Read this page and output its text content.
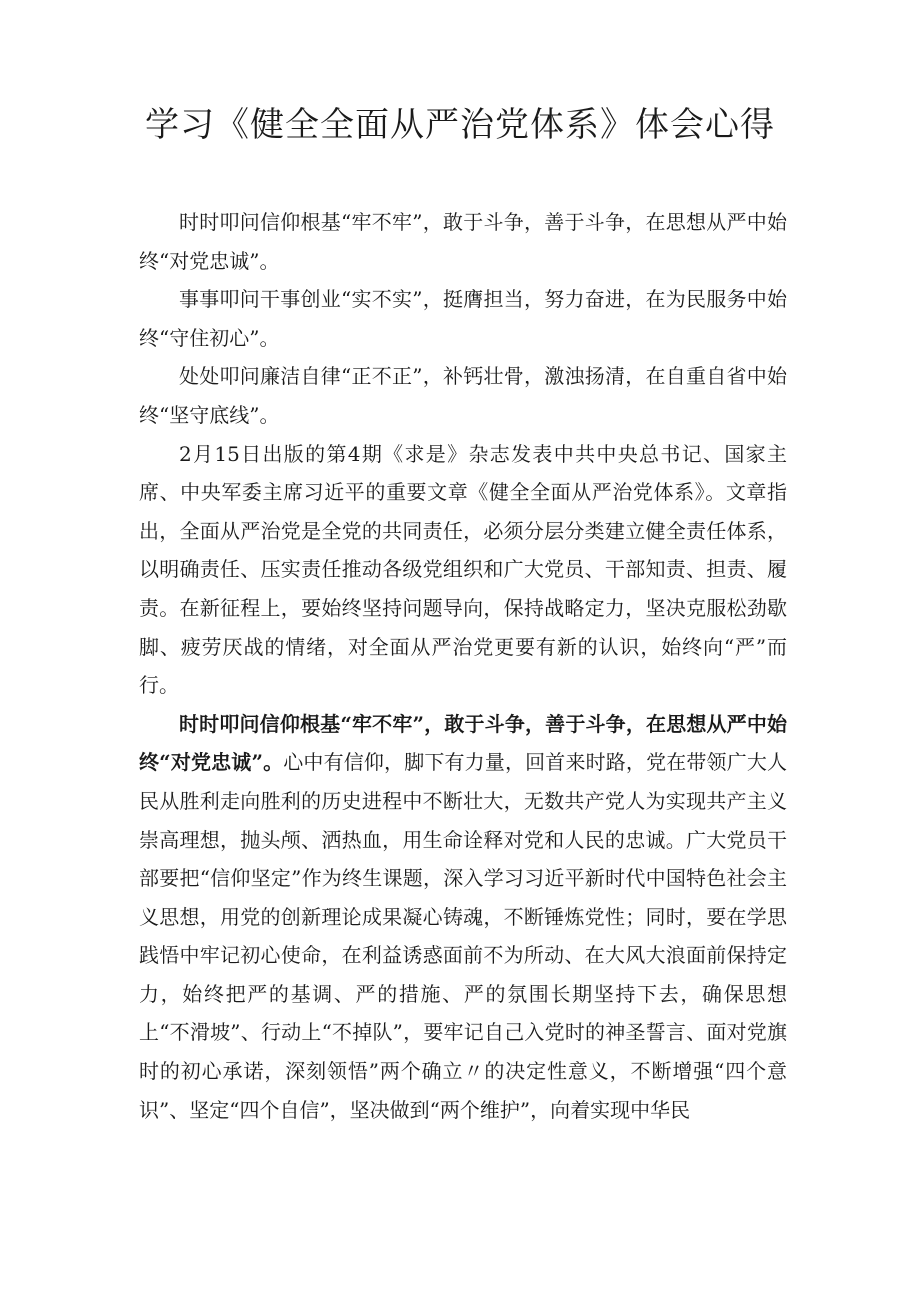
学习《健全全面从严治党体系》体会心得

时时叩问信仰根基“牢不牢”，敢于斗争，善于斗争，在思想从严中始终“对党忠诚”。

事事叩问干事创业“实不实”，挺膺担当，努力奋进，在为民服务中始终“守住初心”。

处处叩问廉洁自律“正不正”，补钙壮骨，激浊扬清，在自重自省中始终“坚守底线”。

2月15日出版的第4期《求是》杂志发表中共中央总书记、国家主席、中央军委主席习近平的重要文章《健全全面从严治党体系》。文章指出，全面从严治党是全党的共同责任，必须分层分类建立健全责任体系，以明确责任、压实责任推动各级党组织和广大党员、干部知责、担责、履责。在新征程上，要始终坚持问题导向，保持战略定力，坚决克服松劲歇脚、疲劳厌战的情绪，对全面从严治党更要有新的认识，始终向“严”而行。

时时叩问信仰根基“牢不牢”，敢于斗争，善于斗争，在思想从严中始终“对党忠诚”。心中有信仰，脚下有力量，回首来时路，党在带领广大人民从胜利走向胜利的历史进程中不断壮大，无数共产党人为实现共产主义崇高理想，抛头颅、洒热血，用生命诠释对党和人民的忠诚。广大党员干部要把“信仰坚定”作为终生课题，深入学习习近平新时代中国特色社会主义思想，用党的创新理论成果凝心铸魂，不断锤炼党性；同时，要在学思践悟中牢记初心使命，在利益诱惑面前不为所动、在大风大浪面前保持定力，始终把严的基调、严的措施、严的氛围长期坚持下去，确保思想上“不滑坡”、行动上“不掉队”，要牢记自己入党时的神圣誓言、面对党旗时的初心承诺，深刻领悟”两个确立〃的决定性意义，不断增强“四个意识”、坚定“四个自信”，坚决做到“两个维护”，向着实现中华民
